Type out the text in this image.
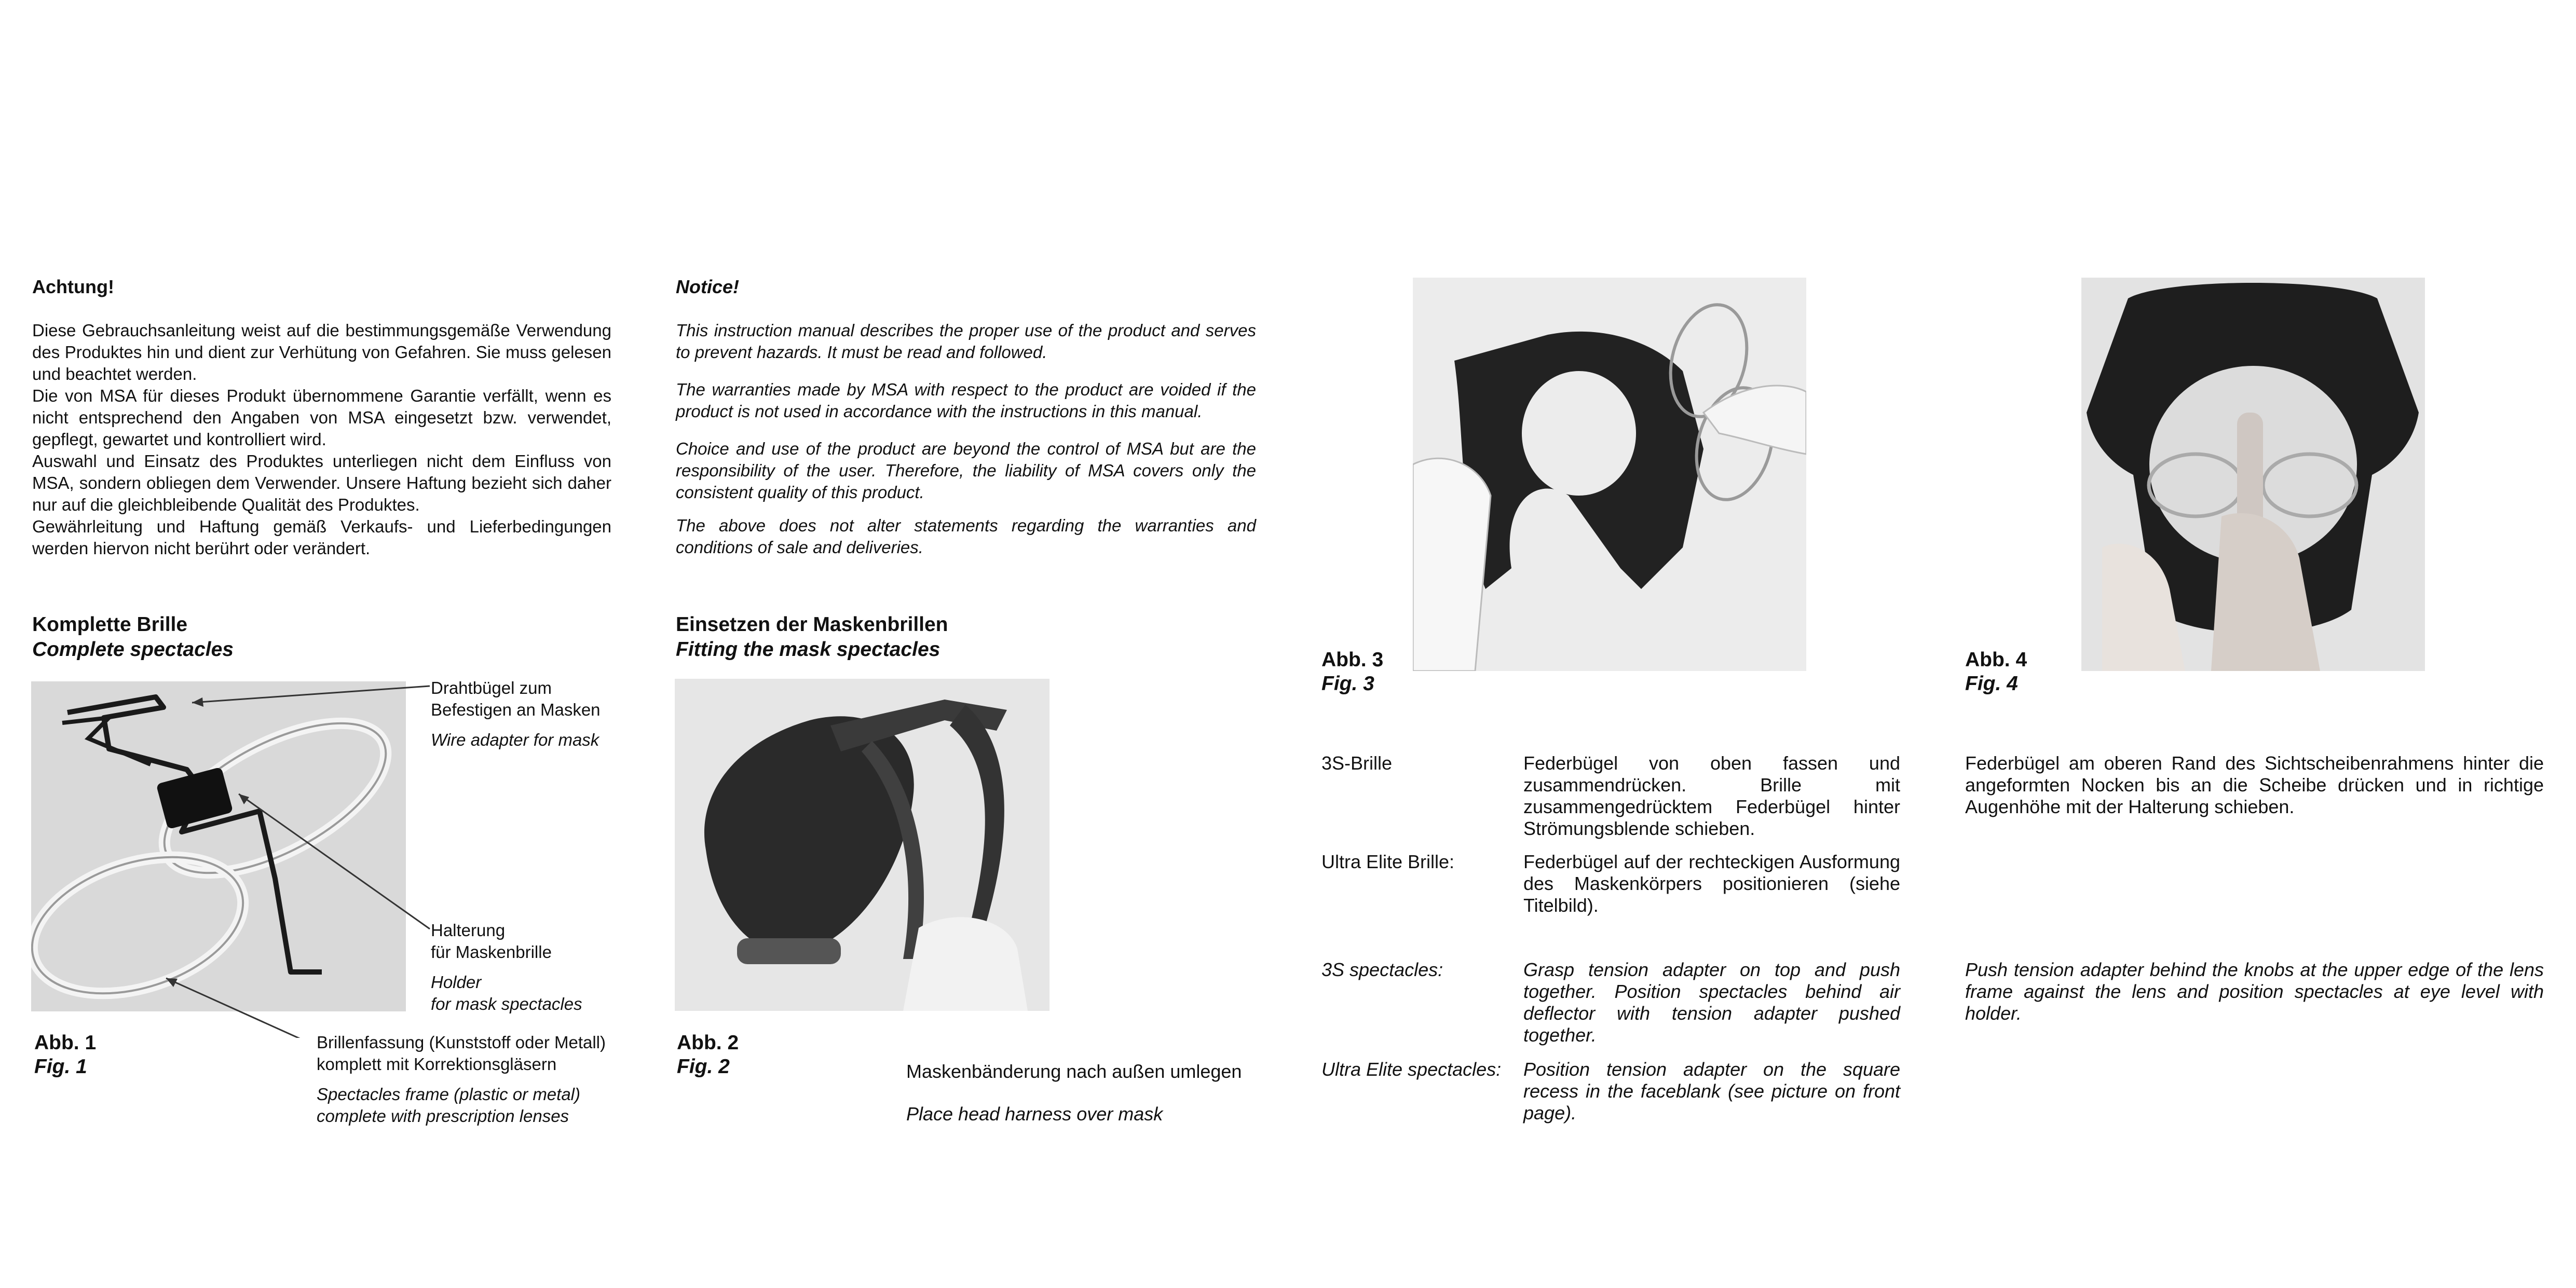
Achtung!

Diese Gebrauchsanleitung weist auf die bestimmungsgemäße Verwendung des Produktes hin und dient zur Verhütung von Gefahren. Sie muss gelesen und beachtet werden.

Die von MSA für dieses Produkt übernommene Garantie verfällt, wenn es nicht entsprechend den Angaben von MSA eingesetzt bzw. verwendet, gepflegt, gewartet und kontrolliert wird.

Auswahl und Einsatz des Produktes unterliegen nicht dem Einfluss von MSA, sondern obliegen dem Verwender. Unsere Haftung bezieht sich daher nur auf die gleichbleibende Qualität des Produktes.

Gewährleitung und Haftung gemäß Verkaufs- und Lieferbedingungen werden hiervon nicht berührt oder verändert.

Komplette Brille
Complete spectacles
Drahtbügel zum
Befestigen an Masken
Wire adapter for mask
Halterung
für Maskenbrille
Holder
for mask spectacles
Brillenfassung (Kunststoff oder Metall)
komplett mit Korrektionsgläsern
Spectacles frame (plastic or metal)
complete with prescription lenses
Abb. 1
Fig. 1
Notice!

This instruction manual describes the proper use of the product and serves to prevent hazards. It must be read and followed.

The warranties made by MSA with respect to the product are voided if the product is not used in accordance with the instructions in this manual.

Choice and use of the product are beyond the control of MSA but are the responsibility of the user. Therefore, the liability of MSA covers only the consistent quality of this product.

The above does not alter statements regarding the warranties and conditions of sale and deliveries.

Einsetzen der Maskenbrillen
Fitting the mask spectacles
Abb. 2
Fig. 2	Maskenbänderung nach außen umlegen
Place head harness over mask
Abb. 3
Fig. 3
3S-Brille	Federbügel von oben fassen und zusammendrücken. Brille mit zusammengedrücktem Federbügel hinter Strömungsblende schieben.

Ultra Elite Brille:	Federbügel auf der rechteckigen Ausformung des Maskenkörpers positionieren (siehe Titelbild).

3S spectacles:	Grasp tension adapter on top and push together. Position spectacles behind air deflector with tension adapter pushed together.

Ultra Elite spectacles: Position tension adapter on the square recess in the faceblank (see picture on front page).

Abb. 4
Fig. 4

Federbügel am oberen Rand des Sichtscheibenrahmens hinter die angeformten Nocken bis an die Scheibe drücken und in richtige Augenhöhe mit der Halterung schieben.

Push tension adapter behind the knobs at the upper edge of the lens frame against the lens and position spectacles at eye level with holder.
